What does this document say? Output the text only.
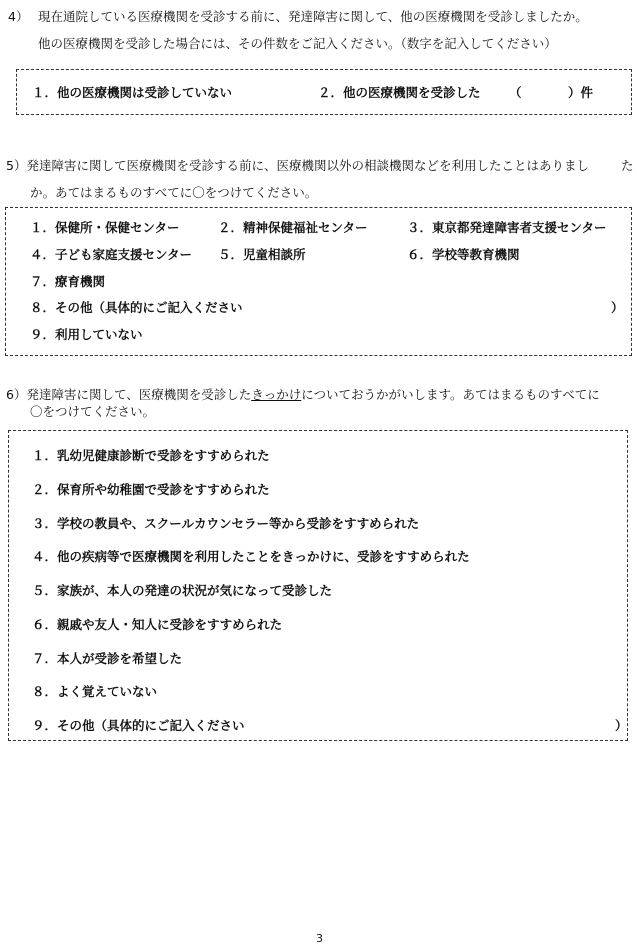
4） 現在通院している医療機関を受診する前に、発達障害に関して、他の医療機関を受診しましたか。
他の医療機関を受診した場合には、その件数をご記入ください。（数字を記入してください）
１．他の医療機関は受診していない	２．他の医療機関を受診した （	）件
5）発達障害に関して医療機関を受診する前に、医療機関以外の相談機関などを利用したことはありまし	た
か。あてはまるものすべてに〇をつけてください。
１．保健所・保健センター	２．精神保健福祉センター	３．東京都発達障害者支援センター
４．子ども家庭支援センター ５．児童相談所	６．学校等教育機関
７．療育機関
８．その他（具体的にご記入ください	）
９．利用していない
6）発達障害に関して、医療機関を受診したきっかけについておうかがいします。あてはまるものすべてに
〇をつけてください。
１．乳幼児健康診断で受診をすすめられた
２．保育所や幼稚園で受診をすすめられた
３．学校の教員や、スクールカウンセラー等から受診をすすめられた
４．他の疾病等で医療機関を利用したことをきっかけに、受診をすすめられた
５．家族が、本人の発達の状況が気になって受診した
６．親戚や友人・知人に受診をすすめられた
７．本人が受診を希望した
８．よく覚えていない
９．その他（具体的にご記入ください	）
3
